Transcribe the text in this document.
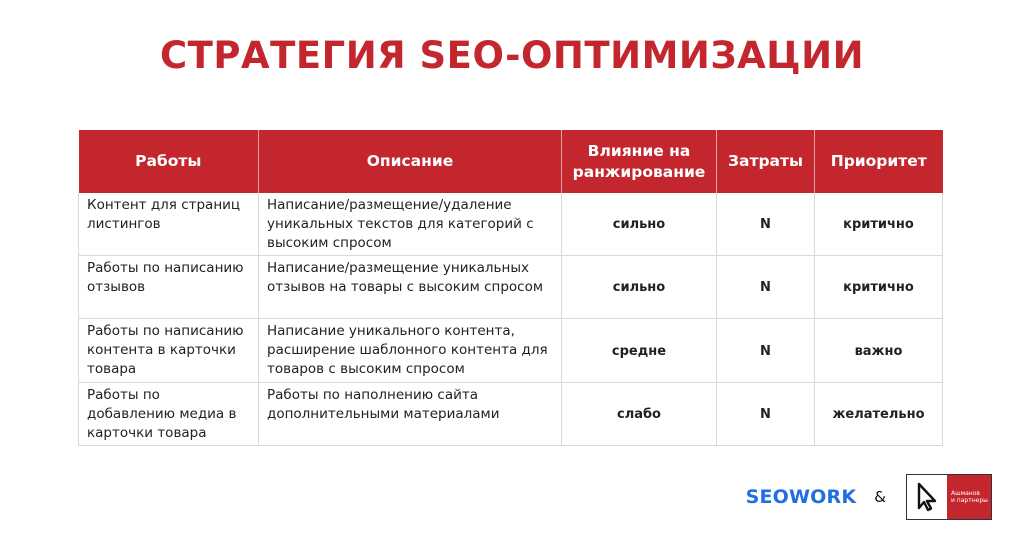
СТРАТЕГИЯ SEO-ОПТИМИЗАЦИИ
Работы	Описание	Влияние на ранжирование	Затраты	Приоритет
Контент для страниц листингов	Написание/размещение/удаление уникальных текстов для категорий с высоким спросом	сильно	N	критично
Работы по написанию отзывов	Написание/размещение уникальных отзывов на товары с высоким спросом	сильно	N	критично
Работы по написанию контента в карточки товара	Написание уникального контента, расширение шаблонного контента для товаров с высоким спросом	средне	N	важно
Работы по добавлению медиа в карточки товара	Работы по наполнению сайта дополнительными материалами	слабо	N	желательно
SEOWORK &	Ашманов
и партнеры
